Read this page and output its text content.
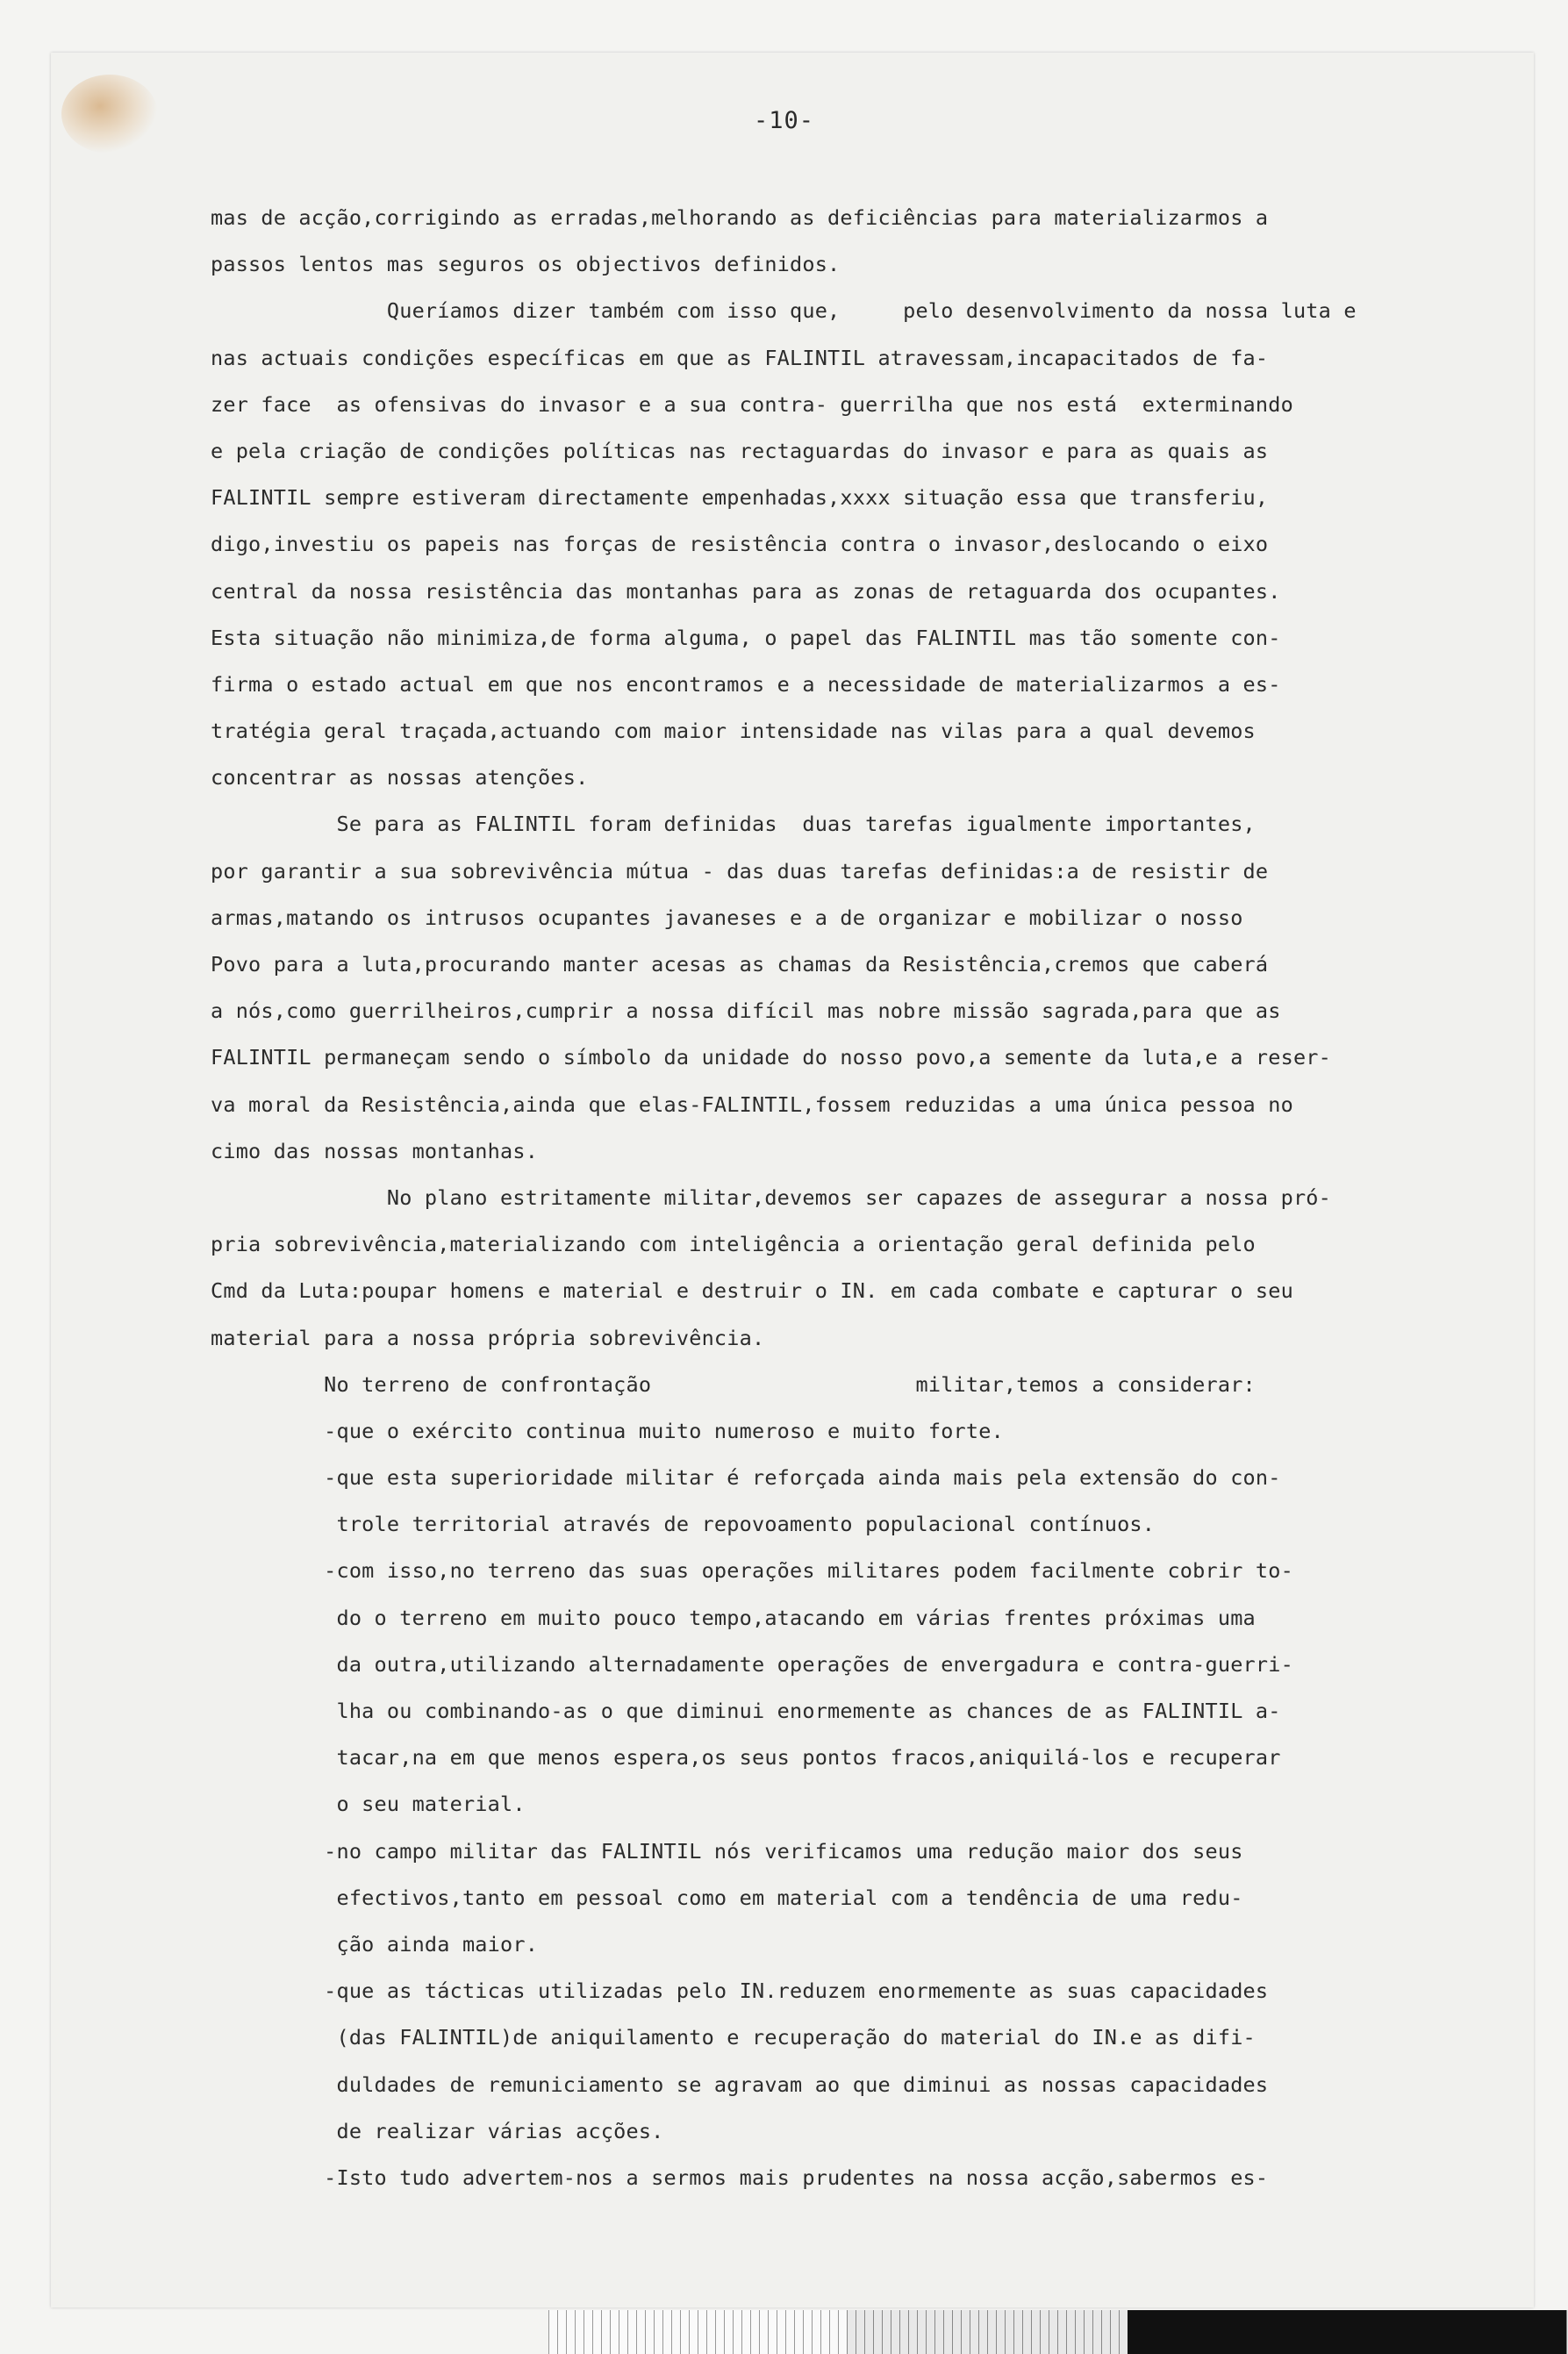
-10-
mas de acção,corrigindo as erradas,melhorando as deficiências para materializarmos a
passos lentos mas seguros os objectivos definidos.
Queríamos dizer também com isso que,     pelo desenvolvimento da nossa luta e
nas actuais condições específicas em que as FALINTIL atravessam,incapacitados de fa-
zer face  as ofensivas do invasor e a sua contra- guerrilha que nos está  exterminando
e pela criação de condições políticas nas rectaguardas do invasor e para as quais as
FALINTIL sempre estiveram directamente empenhadas,xxxx situação essa que transferiu,
digo,investiu os papeis nas forças de resistência contra o invasor,deslocando o eixo
central da nossa resistência das montanhas para as zonas de retaguarda dos ocupantes.
Esta situação não minimiza,de forma alguma, o papel das FALINTIL mas tão somente con-
firma o estado actual em que nos encontramos e a necessidade de materializarmos a es-
tratégia geral traçada,actuando com maior intensidade nas vilas para a qual devemos
concentrar as nossas atenções.
Se para as FALINTIL foram definidas  duas tarefas igualmente importantes,
por garantir a sua sobrevivência mútua - das duas tarefas definidas:a de resistir de
armas,matando os intrusos ocupantes javaneses e a de organizar e mobilizar o nosso
Povo para a luta,procurando manter acesas as chamas da Resistência,cremos que caberá
a nós,como guerrilheiros,cumprir a nossa difícil mas nobre missão sagrada,para que as
FALINTIL permaneçam sendo o símbolo da unidade do nosso povo,a semente da luta,e a reser-
va moral da Resistência,ainda que elas-FALINTIL,fossem reduzidas a uma única pessoa no
cimo das nossas montanhas.
No plano estritamente militar,devemos ser capazes de assegurar a nossa pró-
pria sobrevivência,materializando com inteligência a orientação geral definida pelo
Cmd da Luta:poupar homens e material e destruir o IN. em cada combate e capturar o seu
material para a nossa própria sobrevivência.
No terreno de confrontação                     militar,temos a considerar:
-que o exército continua muito numeroso e muito forte.
-que esta superioridade militar é reforçada ainda mais pela extensão do con-
trole territorial através de repovoamento populacional contínuos.
-com isso,no terreno das suas operações militares podem facilmente cobrir to-
do o terreno em muito pouco tempo,atacando em várias frentes próximas uma
da outra,utilizando alternadamente operações de envergadura e contra-guerri-
lha ou combinando-as o que diminui enormemente as chances de as FALINTIL a-
tacar,na em que menos espera,os seus pontos fracos,aniquilá-los e recuperar
o seu material.
-no campo militar das FALINTIL nós verificamos uma redução maior dos seus
efectivos,tanto em pessoal como em material com a tendência de uma redu-
ção ainda maior.
-que as tácticas utilizadas pelo IN.reduzem enormemente as suas capacidades
(das FALINTIL)de aniquilamento e recuperação do material do IN.e as difi-
duldades de remuniciamento se agravam ao que diminui as nossas capacidades
de realizar várias acções.
-Isto tudo advertem-nos a sermos mais prudentes na nossa acção,sabermos es-
